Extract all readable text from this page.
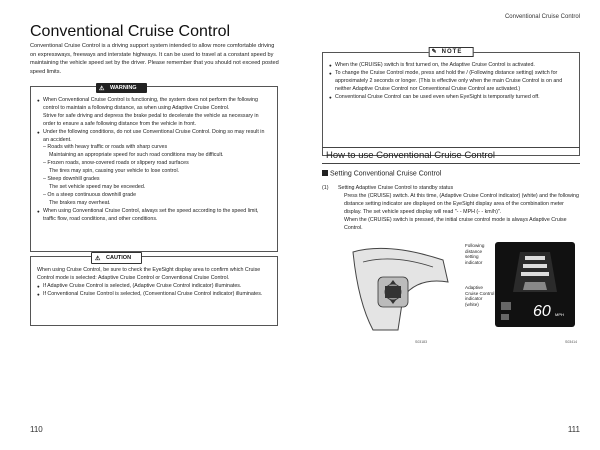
Conventional Cruise Control
Conventional Cruise Control is a driving support system intended to allow more comfortable driving on expressways, freeways and interstate highways. It can be used to travel at a constant speed by maintaining the vehicle speed set by the driver. Please remember that you should not exceed posted speed limits.
⚠ WARNING
● When Conventional Cruise Control is functioning, the system does not perform the following control to maintain a following distance, as when using Adaptive Cruise Control.
Strive for safe driving and depress the brake pedal to decelerate the vehicle as necessary in order to ensure a safe following distance from the vehicle in front.
● Under the following conditions, do not use Conventional Cruise Control. Doing so may result in an accident.
– Roads with heavy traffic or roads with sharp curves
Maintaining an appropriate speed for such road conditions may be difficult.
– Frozen roads, snow-covered roads or slippery road surfaces
The tires may spin, causing your vehicle to lose control.
– Steep downhill grades
The set vehicle speed may be exceeded.
– On a steep continuous downhill grade
The brakes may overheat.
● When using Conventional Cruise Control, always set the speed according to the speed limit, traffic flow, road conditions, and other conditions.
⚠ CAUTION
When using Cruise Control, be sure to check the EyeSight display area to confirm which Cruise Control mode is selected: Adaptive Cruise Control or Conventional Cruise Control.
● If Adaptive Cruise Control is selected, (Adaptive Cruise Control indicator) illuminates.
● If Conventional Cruise Control is selected, (Conventional Cruise Control indicator) illuminates.
110
Conventional Cruise Control
✎ NOTE
● When the (CRUISE) switch is first turned on, the Adaptive Cruise Control is activated.
● To change the Cruise Control mode, press and hold the / (Following distance setting) switch for approximately 2 seconds or longer. (This is effective only when the main Cruise Control is on and neither Adaptive Cruise Control nor Conventional Cruise Control are activated.)
● Conventional Cruise Control can be used even when EyeSight is temporarily turned off.
How to use Conventional Cruise Control
Setting Conventional Cruise Control
(1)	Setting Adaptive Cruise Control to standby status
Press the (CRUISE) switch. At this time, (Adaptive Cruise Control indicator) (white) and the following distance setting indicator are displayed on the EyeSight display area of the combination meter display. The set vehicle speed display will read "- - MPH (- - km/h)".
When the (CRUISE) switch is pressed, the initial cruise control mode is always Adaptive Cruise Control.
S03183
60 MPH
Following distance setting indicator
Adaptive Cruise Control indicator (white)
S03414
111
